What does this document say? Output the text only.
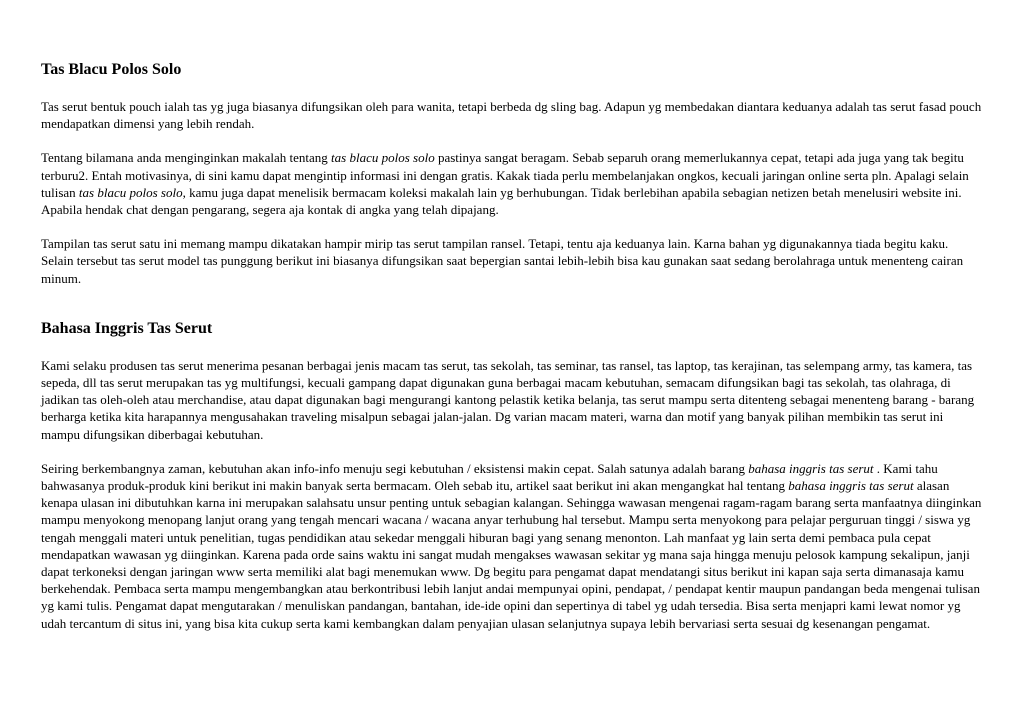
Tas Blacu Polos Solo

Tas serut bentuk pouch ialah tas yg juga biasanya difungsikan oleh para wanita, tetapi berbeda dg sling bag. Adapun yg membedakan diantara keduanya adalah tas serut fasad pouch mendapatkan dimensi yang lebih rendah.

Tentang bilamana anda menginginkan makalah tentang tas blacu polos solo pastinya sangat beragam. Sebab separuh orang memerlukannya cepat, tetapi ada juga yang tak begitu terburu2. Entah motivasinya, di sini kamu dapat mengintip informasi ini dengan gratis. Kakak tiada perlu membelanjakan ongkos, kecuali jaringan online serta pln. Apalagi selain tulisan tas blacu polos solo, kamu juga dapat menelisik bermacam koleksi makalah lain yg berhubungan. Tidak berlebihan apabila sebagian netizen betah menelusiri website ini. Apabila hendak chat dengan pengarang, segera aja kontak di angka yang telah dipajang.

Tampilan tas serut satu ini memang mampu dikatakan hampir mirip tas serut tampilan ransel. Tetapi, tentu aja keduanya lain. Karna bahan yg digunakannya tiada begitu kaku. Selain tersebut tas serut model tas punggung berikut ini biasanya difungsikan saat bepergian santai lebih-lebih bisa kau gunakan saat sedang berolahraga untuk menenteng cairan minum.

Bahasa Inggris Tas Serut

Kami selaku produsen tas serut menerima pesanan berbagai jenis macam tas serut, tas sekolah, tas seminar, tas ransel, tas laptop, tas kerajinan, tas selempang army, tas kamera, tas sepeda, dll tas serut merupakan tas yg multifungsi, kecuali gampang dapat digunakan guna berbagai macam kebutuhan, semacam difungsikan bagi tas sekolah, tas olahraga, di jadikan tas oleh-oleh atau merchandise, atau dapat digunakan bagi mengurangi kantong pelastik ketika belanja, tas serut mampu serta ditenteng sebagai menenteng barang - barang berharga ketika kita harapannya mengusahakan traveling misalpun sebagai jalan-jalan. Dg varian macam materi, warna dan motif yang banyak pilihan membikin tas serut ini mampu difungsikan diberbagai kebutuhan.

Seiring berkembangnya zaman, kebutuhan akan info-info menuju segi kebutuhan / eksistensi makin cepat. Salah satunya adalah barang bahasa inggris tas serut . Kami tahu bahwasanya produk-produk kini berikut ini makin banyak serta bermacam. Oleh sebab itu, artikel saat berikut ini akan mengangkat hal tentang bahasa inggris tas serut alasan kenapa ulasan ini dibutuhkan karna ini merupakan salahsatu unsur penting untuk sebagian kalangan. Sehingga wawasan mengenai ragam-ragam barang serta manfaatnya diinginkan mampu menyokong menopang lanjut orang yang tengah mencari wacana / wacana anyar terhubung hal tersebut. Mampu serta menyokong para pelajar perguruan tinggi / siswa yg tengah menggali materi untuk penelitian, tugas pendidikan atau sekedar menggali hiburan bagi yang senang menonton. Lah manfaat yg lain serta demi pembaca pula cepat mendapatkan wawasan yg diinginkan. Karena pada orde sains waktu ini sangat mudah mengakses wawasan sekitar yg mana saja hingga menuju pelosok kampung sekalipun, janji dapat terkoneksi dengan jaringan www serta memiliki alat bagi menemukan www. Dg begitu para pengamat dapat mendatangi situs berikut ini kapan saja serta dimanasaja kamu berkehendak. Pembaca serta mampu mengembangkan atau berkontribusi lebih lanjut andai mempunyai opini, pendapat, / pendapat kentir maupun pandangan beda mengenai tulisan yg kami tulis. Pengamat dapat mengutarakan / menuliskan pandangan, bantahan, ide-ide opini dan sepertinya di tabel yg udah tersedia. Bisa serta menjapri kami lewat nomor yg udah tercantum di situs ini, yang bisa kita cukup serta kami kembangkan dalam penyajian ulasan selanjutnya supaya lebih bervariasi serta sesuai dg kesenangan pengamat.
